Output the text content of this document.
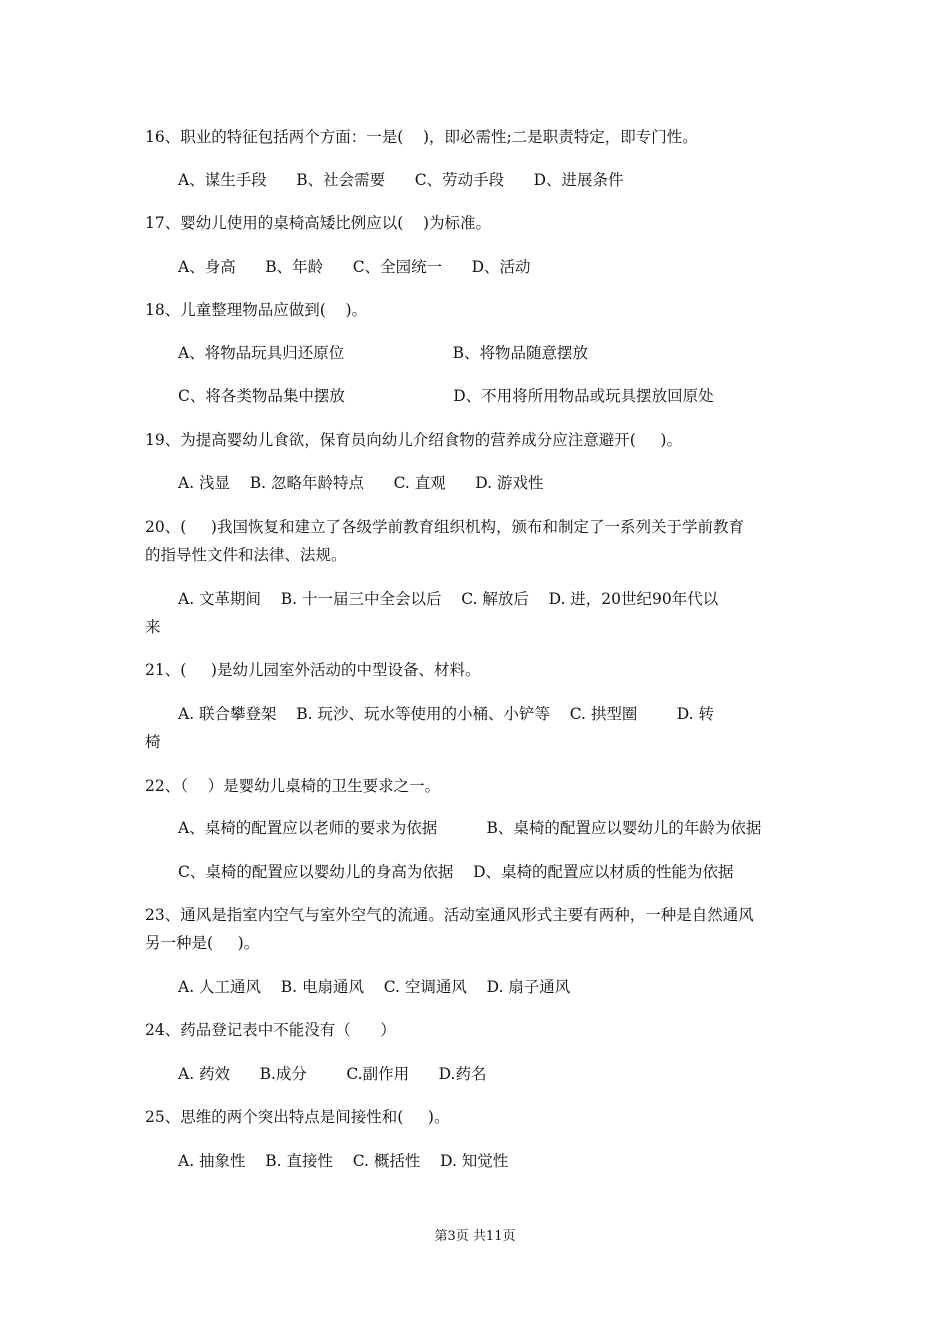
16、职业的特征包括两个方面：一是(    )，即必需性;二是职责特定，即专门性。
A、谋生手段      B、社会需要      C、劳动手段      D、进展条件
17、婴幼儿使用的桌椅高矮比例应以(    )为标准。
A、身高      B、年龄      C、全园统一      D、活动
18、儿童整理物品应做到(    )。
A、将物品玩具归还原位                      B、将物品随意摆放
C、将各类物品集中摆放                      D、不用将所用物品或玩具摆放回原处
19、为提高婴幼儿食欲，保育员向幼儿介绍食物的营养成分应注意避开(     )。
A. 浅显    B. 忽略年龄特点      C. 直观      D. 游戏性
20、(     )我国恢复和建立了各级学前教育组织机构，颁布和制定了一系列关于学前教育
的指导性文件和法律、法规。
A. 文革期间    B. 十一届三中全会以后    C. 解放后    D. 进，20世纪90年代以
来
21、(     )是幼儿园室外活动的中型设备、材料。
A. 联合攀登架    B. 玩沙、玩水等使用的小桶、小铲等    C. 拱型圈        D. 转
椅
22、（    ）是婴幼儿桌椅的卫生要求之一。
A、桌椅的配置应以老师的要求为依据          B、桌椅的配置应以婴幼儿的年龄为依据
C、桌椅的配置应以婴幼儿的身高为依据    D、桌椅的配置应以材质的性能为依据
23、通风是指室内空气与室外空气的流通。活动室通风形式主要有两种，一种是自然通风
另一种是(     )。
A. 人工通风    B. 电扇通风    C. 空调通风    D. 扇子通风
24、药品登记表中不能没有（      ）
A. 药效      B.成分        C.副作用      D.药名
25、思维的两个突出特点是间接性和(     )。
A. 抽象性    B. 直接性    C. 概括性    D. 知觉性
第3页 共11页
